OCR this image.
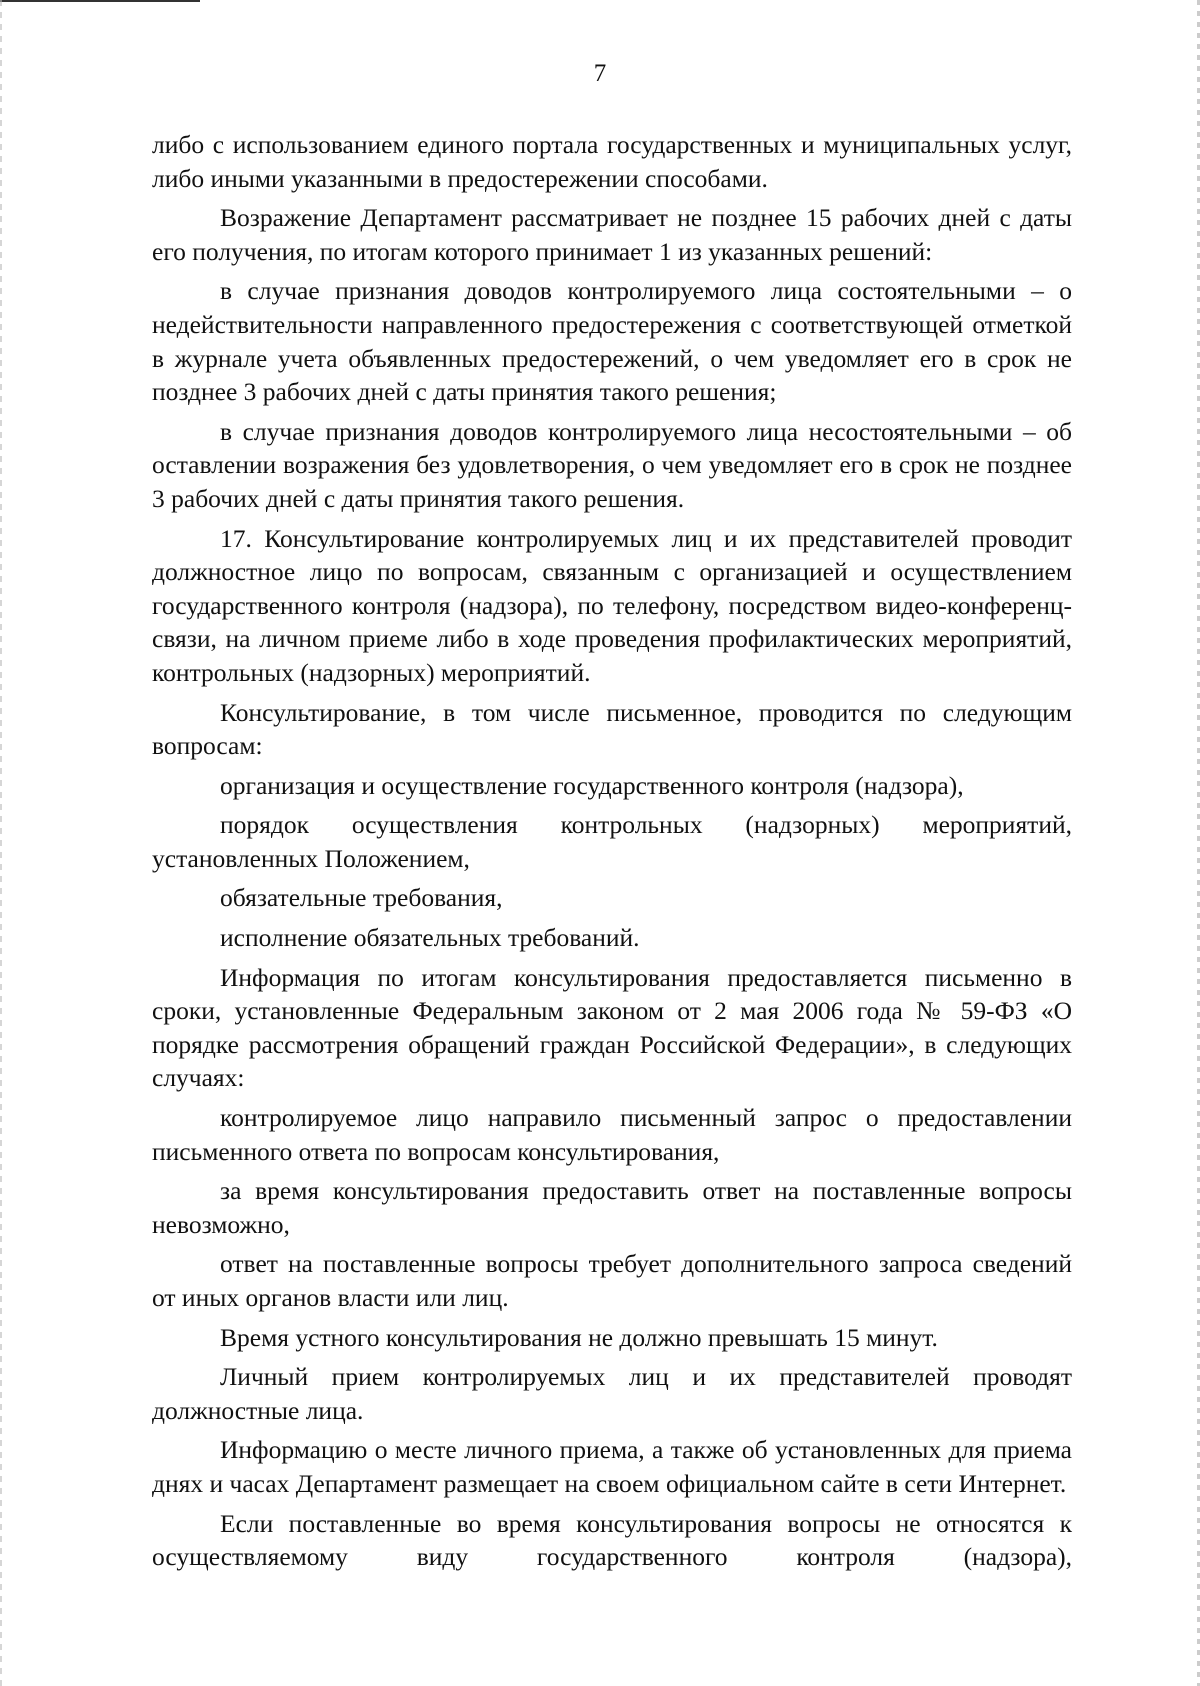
7

либо с использованием единого портала государственных и муниципальных услуг, либо иными указанными в предостережении способами.

Возражение Департамент рассматривает не позднее 15 рабочих дней с даты его получения, по итогам которого принимает 1 из указанных решений:

в случае признания доводов контролируемого лица состоятельными – о недействительности направленного предостережения с соответствующей отметкой в журнале учета объявленных предостережений, о чем уведомляет его в срок не позднее 3 рабочих дней с даты принятия такого решения;

в случае признания доводов контролируемого лица несостоятельными – об оставлении возражения без удовлетворения, о чем уведомляет его в срок не позднее 3 рабочих дней с даты принятия такого решения.

17. Консультирование контролируемых лиц и их представителей проводит должностное лицо по вопросам, связанным с организацией и осуществлением государственного контроля (надзора), по телефону, посредством видео-конференц-связи, на личном приеме либо в ходе проведения профилактических мероприятий, контрольных (надзорных) мероприятий.

Консультирование, в том числе письменное, проводится по следующим вопросам:

организация и осуществление государственного контроля (надзора),

порядок осуществления контрольных (надзорных) мероприятий, установленных Положением,

обязательные требования,

исполнение обязательных требований.

Информация по итогам консультирования предоставляется письменно в сроки, установленные Федеральным законом от 2 мая 2006 года № 59-ФЗ «О порядке рассмотрения обращений граждан Российской Федерации», в следующих случаях:

контролируемое лицо направило письменный запрос о предоставлении письменного ответа по вопросам консультирования,

за время консультирования предоставить ответ на поставленные вопросы невозможно,

ответ на поставленные вопросы требует дополнительного запроса сведений от иных органов власти или лиц.

Время устного консультирования не должно превышать 15 минут.

Личный прием контролируемых лиц и их представителей проводят должностные лица.

Информацию о месте личного приема, а также об установленных для приема днях и часах Департамент размещает на своем официальном сайте в сети Интернет.

Если поставленные во время консультирования вопросы не относятся к осуществляемому виду государственного контроля (надзора),
